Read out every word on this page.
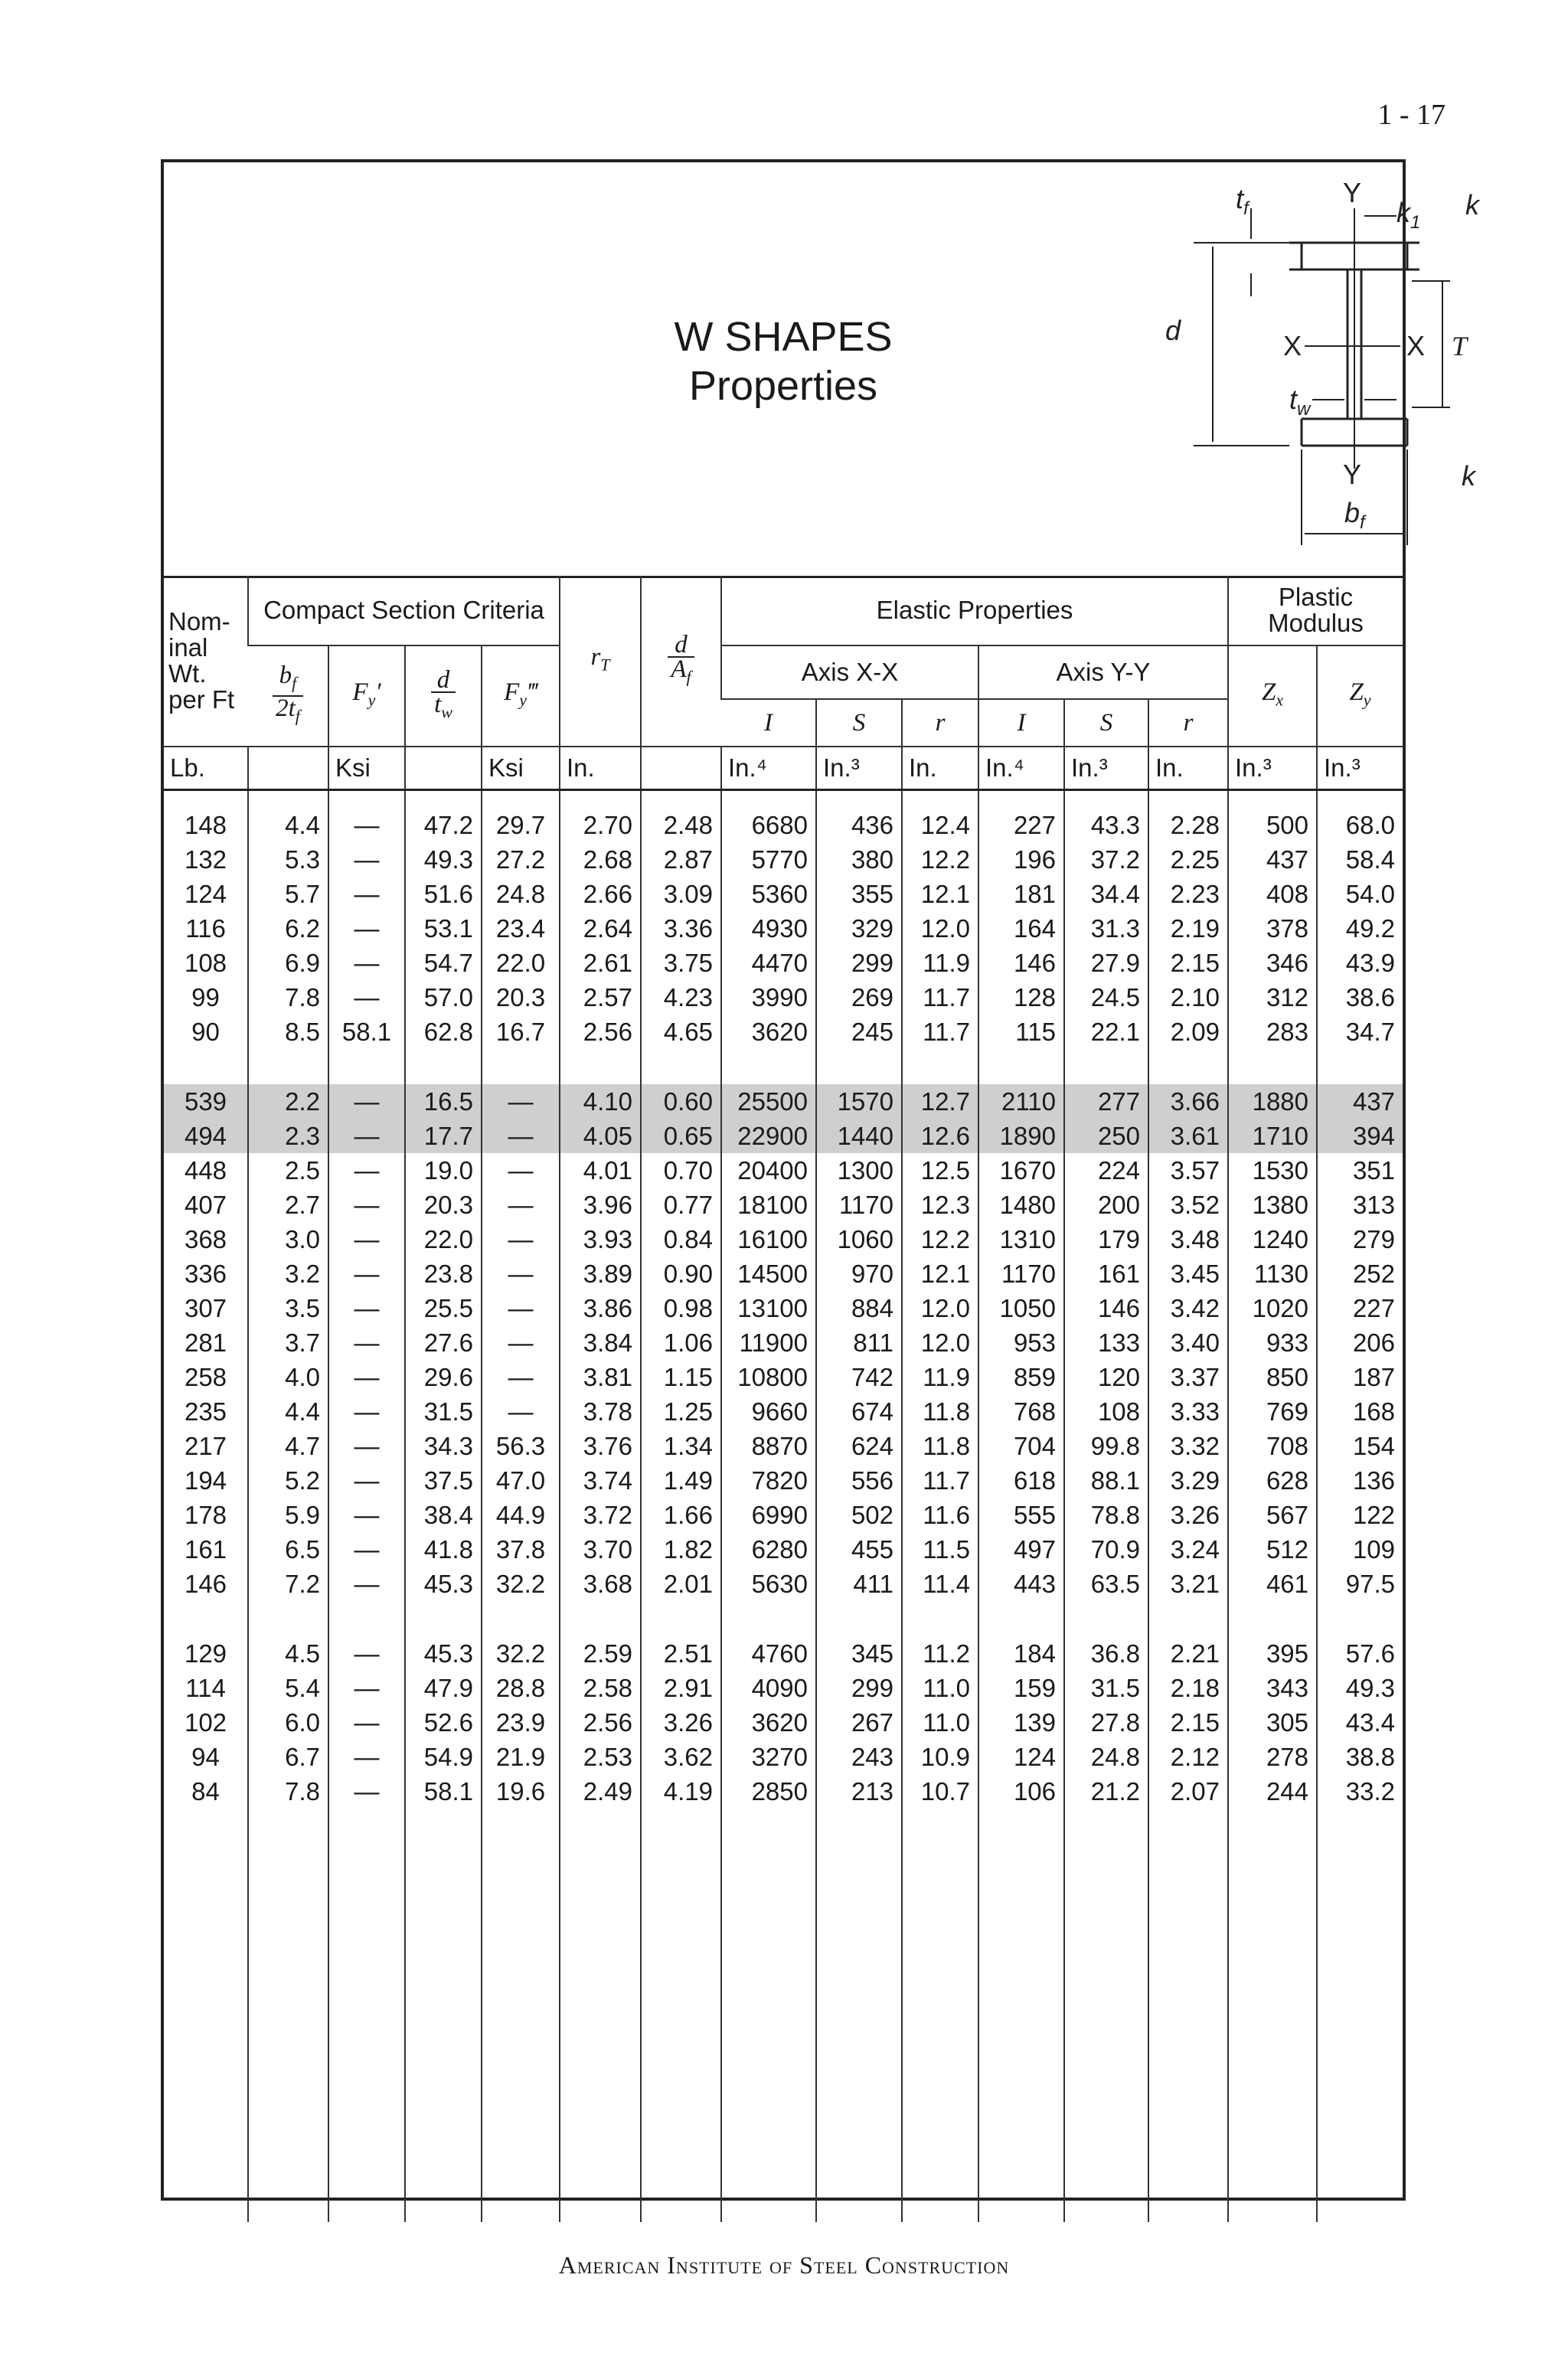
1 - 17
W SHAPES
Properties
$t_f$
Y
$k_1$
k
d	X	X T
$t_w$
Y	k
$b_f$
Nom- inal Wt. per Ft	Compact Section Criteria				$r_T$	$\frac{d}{A_f}$	Elastic Properties						Plastic Modulus	

	$\frac{b_f}{2t_f}$	$F_y'$	$\frac{d}{t_w}$	$F_y‴$			Axis X-X			Axis Y-Y			$Z_x$	$Z_y$
							I	S	r	I	S	r		
Lb.		Ksi		Ksi	In.		In.⁴	In.³	In.	In.⁴	In.³	In.	In.³	In.³
148	4.4	—	47.2	29.7	2.70	2.48	6680	436	12.4	227	43.3	2.28	500	68.0
132	5.3	—	49.3	27.2	2.68	2.87	5770	380	12.2	196	37.2	2.25	437	58.4
124	5.7	—	51.6	24.8	2.66	3.09	5360	355	12.1	181	34.4	2.23	408	54.0
116	6.2	—	53.1	23.4	2.64	3.36	4930	329	12.0	164	31.3	2.19	378	49.2
108	6.9	—	54.7	22.0	2.61	3.75	4470	299	11.9	146	27.9	2.15	346	43.9
99	7.8	—	57.0	20.3	2.57	4.23	3990	269	11.7	128	24.5	2.10	312	38.6
90	8.5	58.1	62.8	16.7	2.56	4.65	3620	245	11.7	115	22.1	2.09	283	34.7

539	2.2	—	16.5	—	4.10	0.60	25500	1570	12.7	2110	277	3.66	1880	437
494	2.3	—	17.7	—	4.05	0.65	22900	1440	12.6	1890	250	3.61	1710	394
448	2.5	—	19.0	—	4.01	0.70	20400	1300	12.5	1670	224	3.57	1530	351
407	2.7	—	20.3	—	3.96	0.77	18100	1170	12.3	1480	200	3.52	1380	313
368	3.0	—	22.0	—	3.93	0.84	16100	1060	12.2	1310	179	3.48	1240	279
336	3.2	—	23.8	—	3.89	0.90	14500	970	12.1	1170	161	3.45	1130	252
307	3.5	—	25.5	—	3.86	0.98	13100	884	12.0	1050	146	3.42	1020	227
281	3.7	—	27.6	—	3.84	1.06	11900	811	12.0	953	133	3.40	933	206
258	4.0	—	29.6	—	3.81	1.15	10800	742	11.9	859	120	3.37	850	187
235	4.4	—	31.5	—	3.78	1.25	9660	674	11.8	768	108	3.33	769	168
217	4.7	—	34.3	56.3	3.76	1.34	8870	624	11.8	704	99.8	3.32	708	154
194	5.2	—	37.5	47.0	3.74	1.49	7820	556	11.7	618	88.1	3.29	628	136
178	5.9	—	38.4	44.9	3.72	1.66	6990	502	11.6	555	78.8	3.26	567	122
161	6.5	—	41.8	37.8	3.70	1.82	6280	455	11.5	497	70.9	3.24	512	109
146	7.2	—	45.3	32.2	3.68	2.01	5630	411	11.4	443	63.5	3.21	461	97.5

129	4.5	—	45.3	32.2	2.59	2.51	4760	345	11.2	184	36.8	2.21	395	57.6
114	5.4	—	47.9	28.8	2.58	2.91	4090	299	11.0	159	31.5	2.18	343	49.3
102	6.0	—	52.6	23.9	2.56	3.26	3620	267	11.0	139	27.8	2.15	305	43.4
94	6.7	—	54.9	21.9	2.53	3.62	3270	243	10.9	124	24.8	2.12	278	38.8
84	7.8	—	58.1	19.6	2.49	4.19	2850	213	10.7	106	21.2	2.07	244	33.2

American Institute of Steel Construction
